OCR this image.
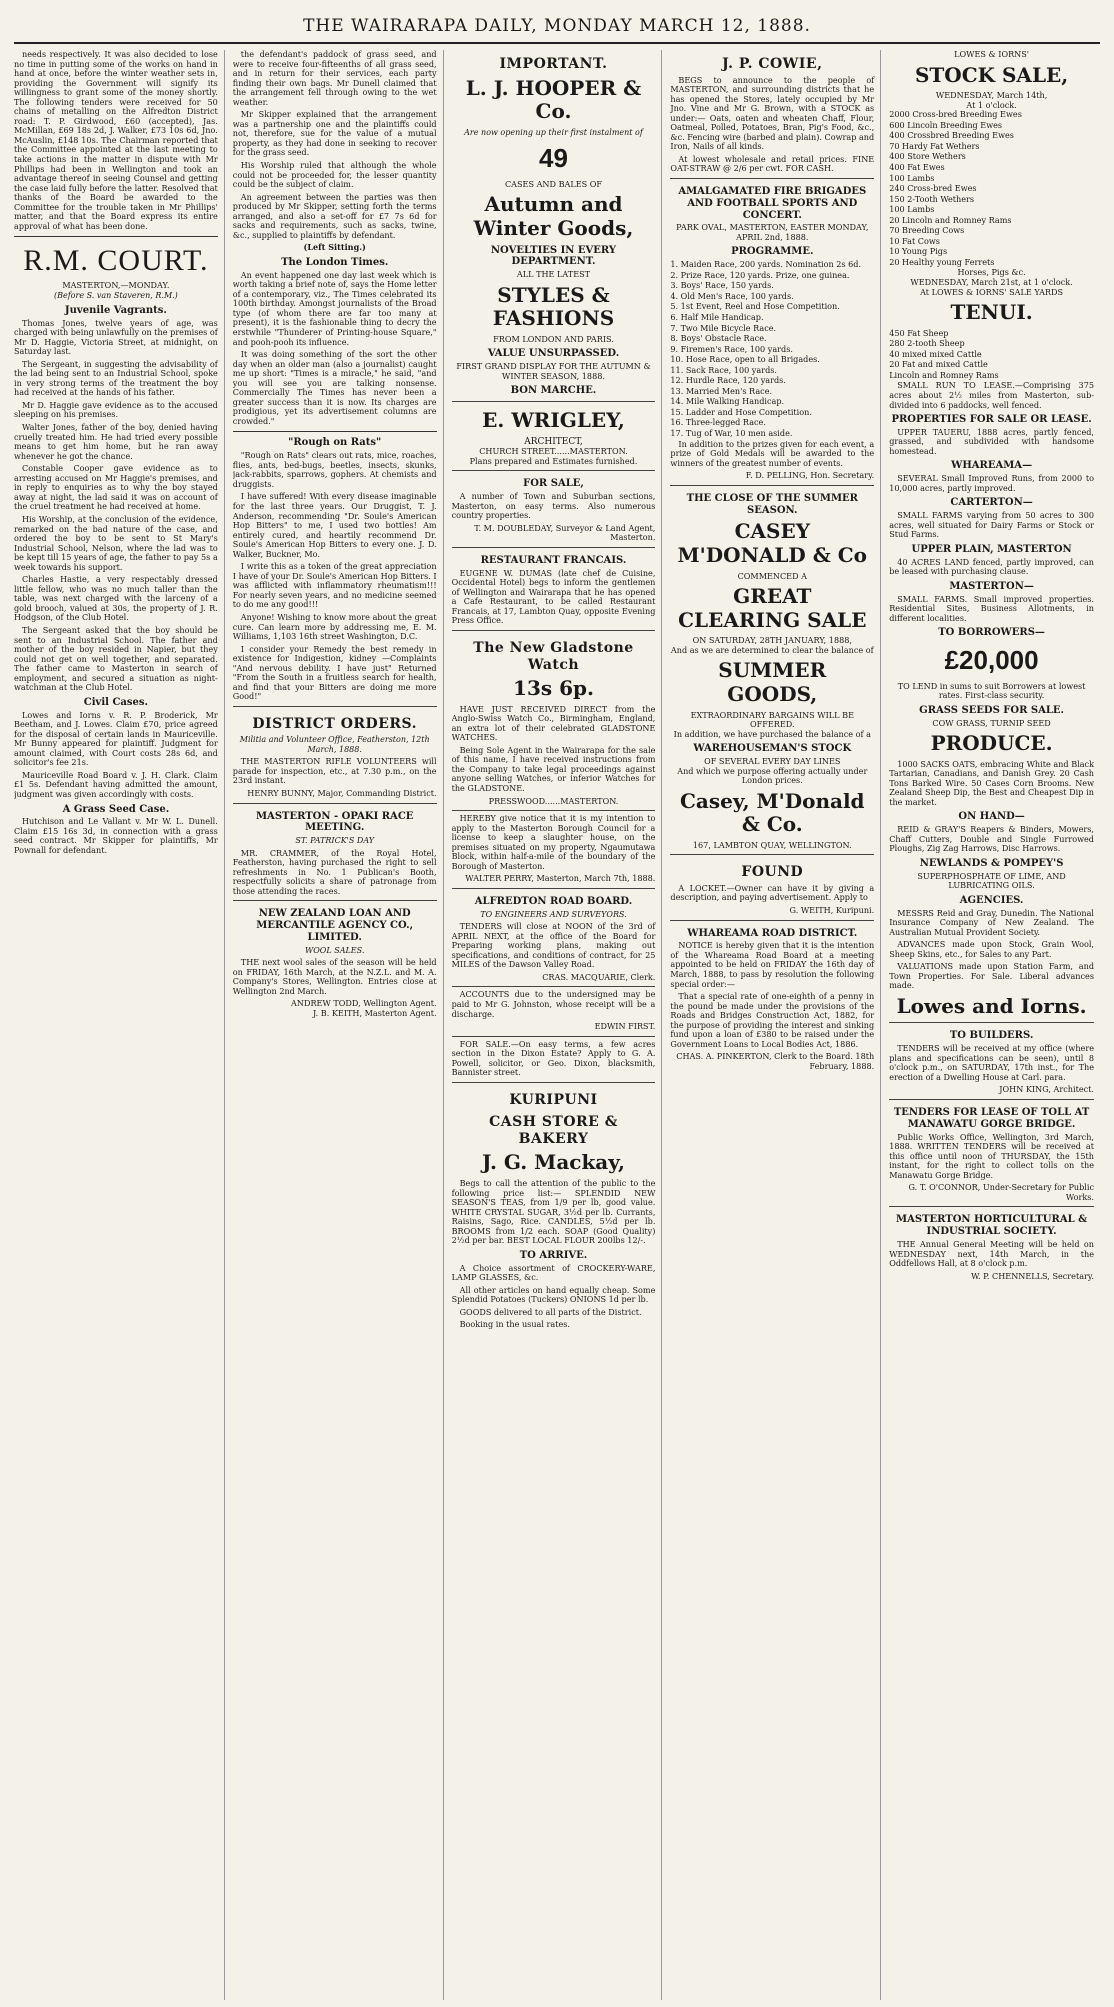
THE WAIRARAPA DAILY, MONDAY MARCH 12, 1888.

needs respectively. It was also decided to lose no time in putting some of the works on hand in hand at once, before the winter weather sets in, providing the Government will signify its willingness to grant some of the money shortly. The following tenders were received for 50 chains of metalling on the Alfredton District road: T. P. Girdwood, £60 (accepted), Jas. McMillan, £69 18s 2d, J. Walker, £73 10s 6d, Jno. McAuslin, £148 10s. The Chairman reported that the Committee appointed at the last meeting to take actions in the matter in dispute with Mr Phillips had been in Wellington and took an advantage thereof in seeing Counsel and getting the case laid fully before the latter. Resolved that thanks of the Board be awarded to the Committee for the trouble taken in Mr Phillips' matter, and that the Board express its entire approval of what has been done.

R.M. COURT.
MASTERTON,—MONDAY.
(Before S. van Staveren, R.M.)
Juvenile Vagrants.

Thomas Jones, twelve years of age, was charged with being unlawfully on the premises of Mr D. Haggie, Victoria Street, at midnight, on Saturday last.

The Sergeant, in suggesting the advisability of the lad being sent to an Industrial School, spoke in very strong terms of the treatment the boy had received at the hands of his father.

Mr D. Haggie gave evidence as to the accused sleeping on his premises.

Walter Jones, father of the boy, denied having cruelly treated him. He had tried every possible means to get him home, but he ran away whenever he got the chance.

Constable Cooper gave evidence as to arresting accused on Mr Haggie's premises, and in reply to enquiries as to why the boy stayed away at night, the lad said it was on account of the cruel treatment he had received at home.

His Worship, at the conclusion of the evidence, remarked on the bad nature of the case, and ordered the boy to be sent to St Mary's Industrial School, Nelson, where the lad was to be kept till 15 years of age, the father to pay 5s a week towards his support.

Charles Hastie, a very respectably dressed little fellow, who was no much taller than the table, was next charged with the larceny of a gold brooch, valued at 30s, the property of J. R. Hodgson, of the Club Hotel.

The Sergeant asked that the boy should be sent to an Industrial School. The father and mother of the boy resided in Napier, but they could not get on well together, and separated. The father came to Masterton in search of employment, and secured a situation as night-watchman at the Club Hotel.

Civil Cases.

Lowes and Iorns v. R. P. Broderick, Mr Beetham, and J. Lowes. Claim £70, price agreed for the disposal of certain lands in Mauriceville. Mr Bunny appeared for plaintiff. Judgment for amount claimed, with Court costs 28s 6d, and solicitor's fee 21s.

Mauriceville Road Board v. J. H. Clark. Claim £1 5s. Defendant having admitted the amount, judgment was given accordingly with costs.

A Grass Seed Case.

Hutchison and Le Vallant v. Mr W. L. Dunell. Claim £15 16s 3d, in connection with a grass seed contract. Mr Skipper for plaintiffs, Mr Pownall for defendant.

the defendant's paddock of grass seed, and were to receive four-fifteenths of all grass seed, and in return for their services, each party finding their own bags. Mr Dunell claimed that the arrangement fell through owing to the wet weather.

Mr Skipper explained that the arrangement was a partnership one and the plaintiffs could not, therefore, sue for the value of a mutual property, as they had done in seeking to recover for the grass seed.

His Worship ruled that although the whole could not be proceeded for, the lesser quantity could be the subject of claim.

An agreement between the parties was then produced by Mr Skipper, setting forth the terms arranged, and also a set-off for £7 7s 6d for sacks and requirements, such as sacks, twine, &c., supplied to plaintiffs by defendant.

(Left Sitting.)
The London Times.

An event happened one day last week which is worth taking a brief note of, says the Home letter of a contemporary, viz., The Times celebrated its 100th birthday. Amongst journalists of the Broad type (of whom there are far too many at present), it is the fashionable thing to decry the erstwhile "Thunderer of Printing-house Square," and pooh-pooh its influence.

It was doing something of the sort the other day when an older man (also a journalist) caught me up short: "Times is a miracle," he said, "and you will see you are talking nonsense. Commercially The Times has never been a greater success than it is now. Its charges are prodigious, yet its advertisement columns are crowded."

"Rough on Rats"

"Rough on Rats" clears out rats, mice, roaches, flies, ants, bed-bugs, beetles, insects, skunks, jack-rabbits, sparrows, gophers. At chemists and druggists.

I have suffered! With every disease imaginable for the last three years. Our Druggist, T. J. Anderson, recommending "Dr. Soule's American Hop Bitters" to me, I used two bottles! Am entirely cured, and heartily recommend Dr. Soule's American Hop Bitters to every one. J. D. Walker, Buckner, Mo.

I write this as a token of the great appreciation I have of your Dr. Soule's American Hop Bitters. I was afflicted with inflammatory rheumatism!!! For nearly seven years, and no medicine seemed to do me any good!!!

Anyone! Wishing to know more about the great cure. Can learn more by addressing me, E. M. Williams, 1,103 16th street Washington, D.C.

I consider your Remedy the best remedy in existence for Indigestion, kidney —Complaints "And nervous debility. I have just" Returned "From the South in a fruitless search for health, and find that your Bitters are doing me more Good!"

DISTRICT ORDERS.
Militia and Volunteer Office, Featherston, 12th March, 1888.

THE MASTERTON RIFLE VOLUNTEERS will parade for inspection, etc., at 7.30 p.m., on the 23rd instant.

HENRY BUNNY, Major, Commanding District.
MASTERTON - OPAKI RACE MEETING.
ST. PATRICK'S DAY

MR. CRAMMER, of the Royal Hotel, Featherston, having purchased the right to sell refreshments in No. 1 Publican's Booth, respectfully solicits a share of patronage from those attending the races.

NEW ZEALAND LOAN AND MERCANTILE AGENCY CO., LIMITED.
WOOL SALES.

THE next wool sales of the season will be held on FRIDAY, 16th March, at the N.Z.L. and M. A. Company's Stores, Wellington. Entries close at Wellington 2nd March.

ANDREW TODD, Wellington Agent.
J. B. KEITH, Masterton Agent.
IMPORTANT.
L. J. HOOPER & Co.
Are now opening up their first instalment of
49
CASES AND BALES OF
Autumn and Winter Goods,
NOVELTIES IN EVERY DEPARTMENT.
ALL THE LATEST
STYLES & FASHIONS
FROM LONDON AND PARIS.
VALUE UNSURPASSED.
FIRST GRAND DISPLAY FOR THE AUTUMN & WINTER SEASON, 1888.
BON MARCHE.
E. WRIGLEY,
ARCHITECT,
CHURCH STREET......MASTERTON.
Plans prepared and Estimates furnished.
FOR SALE,

A number of Town and Suburban sections, Masterton, on easy terms. Also numerous country properties.

T. M. DOUBLEDAY, Surveyor & Land Agent, Masterton.
RESTAURANT FRANCAIS.

EUGENE W. DUMAS (late chef de Cuisine, Occidental Hotel) begs to inform the gentlemen of Wellington and Wairarapa that he has opened a Cafe Restaurant, to be called Restaurant Francais, at 17, Lambton Quay, opposite Evening Press Office.

The New Gladstone Watch
13s 6p.

HAVE JUST RECEIVED DIRECT from the Anglo-Swiss Watch Co., Birmingham, England, an extra lot of their celebrated GLADSTONE WATCHES.

Being Sole Agent in the Wairarapa for the sale of this name, I have received instructions from the Company to take legal proceedings against anyone selling Watches, or inferior Watches for the GLADSTONE.

PRESSWOOD......MASTERTON.

HEREBY give notice that it is my intention to apply to the Masterton Borough Council for a license to keep a slaughter house, on the premises situated on my property, Ngaumutawa Block, within half-a-mile of the boundary of the Borough of Masterton.

WALTER PERRY, Masterton, March 7th, 1888.
ALFREDTON ROAD BOARD.
TO ENGINEERS AND SURVEYORS.

TENDERS will close at NOON of the 3rd of APRIL NEXT, at the office of the Board for Preparing working plans, making out specifications, and conditions of contract, for 25 MILES of the Dawson Valley Road.

CRAS. MACQUARIE, Clerk.

ACCOUNTS due to the undersigned may be paid to Mr G. Johnston, whose receipt will be a discharge.

EDWIN FIRST.

FOR SALE.—On easy terms, a few acres section in the Dixon Estate? Apply to G. A. Powell, solicitor, or Geo. Dixon, blacksmith, Bannister street.

KURIPUNI
CASH STORE & BAKERY
J. G. Mackay,

Begs to call the attention of the public to the following price list:— SPLENDID NEW SEASON'S TEAS, from 1/9 per lb, good value. WHITE CRYSTAL SUGAR, 3½d per lb. Currants, Raisins, Sago, Rice. CANDLES, 5½d per lb. BROOMS from 1/2 each. SOAP (Good Quality) 2½d per bar. BEST LOCAL FLOUR 200lbs 12/-.

TO ARRIVE.

A Choice assortment of CROCKERY-WARE, LAMP GLASSES, &c.

All other articles on hand equally cheap. Some Splendid Potatoes (Tuckers) ONIONS 1d per lb.

GOODS delivered to all parts of the District.

Booking in the usual rates.

J. P. COWIE,

BEGS to announce to the people of MASTERTON, and surrounding districts that he has opened the Stores, lately occupied by Mr Jno. Vine and Mr G. Brown, with a STOCK as under:— Oats, oaten and wheaten Chaff, Flour, Oatmeal, Polled, Potatoes, Bran, Pig's Food, &c., &c. Fencing wire (barbed and plain). Cowrap and Iron, Nails of all kinds.

At lowest wholesale and retail prices. FINE OAT-STRAW @ 2/6 per cwt. FOR CASH.

AMALGAMATED FIRE BRIGADES AND FOOTBALL SPORTS AND CONCERT.
PARK OVAL, MASTERTON, EASTER MONDAY, APRIL 2nd, 1888.
PROGRAMME.
1. Maiden Race, 200 yards. Nomination 2s 6d.
2. Prize Race, 120 yards. Prize, one guinea.
3. Boys' Race, 150 yards.
4. Old Men's Race, 100 yards.
5. 1st Event, Reel and Hose Competition.
6. Half Mile Handicap.
7. Two Mile Bicycle Race.
8. Boys' Obstacle Race.
9. Firemen's Race, 100 yards.
10. Hose Race, open to all Brigades.
11. Sack Race, 100 yards.
12. Hurdle Race, 120 yards.
13. Married Men's Race.
14. Mile Walking Handicap.
15. Ladder and Hose Competition.
16. Three-legged Race.
17. Tug of War, 10 men aside.

In addition to the prizes given for each event, a prize of Gold Medals will be awarded to the winners of the greatest number of events.

F. D. PELLING, Hon. Secretary.
THE CLOSE OF THE SUMMER SEASON.
CASEY M'DONALD & Co
COMMENCED A
GREAT CLEARING SALE
ON SATURDAY, 28TH JANUARY, 1888,
And as we are determined to clear the balance of
SUMMER GOODS,
EXTRAORDINARY BARGAINS WILL BE OFFERED.
In addition, we have purchased the balance of a
WAREHOUSEMAN'S STOCK
OF SEVERAL EVERY DAY LINES
And which we purpose offering actually under London prices.
Casey, M'Donald & Co.
167, LAMBTON QUAY, WELLINGTON.
FOUND

A LOCKET.—Owner can have it by giving a description, and paying advertisement. Apply to

G. WEITH, Kuripuni.
WHAREAMA ROAD DISTRICT.

NOTICE is hereby given that it is the intention of the Whareama Road Board at a meeting appointed to be held on FRIDAY the 16th day of March, 1888, to pass by resolution the following special order:—

That a special rate of one-eighth of a penny in the pound be made under the provisions of the Roads and Bridges Construction Act, 1882, for the purpose of providing the interest and sinking fund upon a loan of £380 to be raised under the Government Loans to Local Bodies Act, 1886.

CHAS. A. PINKERTON, Clerk to the Board. 18th February, 1888.
LOWES & IORNS'
STOCK SALE,
WEDNESDAY, March 14th,
At 1 o'clock.
2000 Cross-bred Breeding Ewes
600 Lincoln Breeding Ewes
400 Crossbred Breeding Ewes
70 Hardy Fat Wethers
400 Store Wethers
400 Fat Ewes
100 Lambs
240 Cross-bred Ewes
150 2-Tooth Wethers
100 Lambs
20 Lincoln and Romney Rams
70 Breeding Cows
10 Fat Cows
10 Young Pigs
20 Healthy young Ferrets
Horses, Pigs &c.
WEDNESDAY, March 21st, at 1 o'clock.
At LOWES & IORNS' SALE YARDS
TENUI.
450 Fat Sheep
280 2-tooth Sheep
40 mixed mixed Cattle
20 Fat and mixed Cattle
Lincoln and Romney Rams

SMALL RUN TO LEASE.—Comprising 375 acres about 2½ miles from Masterton, sub-divided into 6 paddocks, well fenced.

PROPERTIES FOR SALE OR LEASE.

UPPER TAUERU, 1888 acres, partly fenced, grassed, and subdivided with handsome homestead.

WHAREAMA—

SEVERAL Small Improved Runs, from 2000 to 10,000 acres, partly improved.

CARTERTON—

SMALL FARMS varying from 50 acres to 300 acres, well situated for Dairy Farms or Stock or Stud Farms.

UPPER PLAIN, MASTERTON

40 ACRES LAND fenced, partly improved, can be leased with purchasing clause.

MASTERTON—

SMALL FARMS. Small improved properties. Residential Sites, Business Allotments, in different localities.

TO BORROWERS—
£20,000
TO LEND in sums to suit Borrowers at lowest rates. First-class security.
GRASS SEEDS FOR SALE.
COW GRASS, TURNIP SEED
PRODUCE.

1000 SACKS OATS, embracing White and Black Tartarian, Canadians, and Danish Grey. 20 Cash Tons Barked Wire. 50 Cases Corn Brooms. New Zealand Sheep Dip, the Best and Cheapest Dip in the market.

ON HAND—

REID & GRAY'S Reapers & Binders, Mowers, Chaff Cutters, Double and Single Furrowed Ploughs, Zig Zag Harrows, Disc Harrows.

NEWLANDS & POMPEY'S
SUPERPHOSPHATE OF LIME, AND LUBRICATING OILS.
AGENCIES.

MESSRS Reid and Gray, Dunedin. The National Insurance Company of New Zealand. The Australian Mutual Provident Society.

ADVANCES made upon Stock, Grain Wool, Sheep Skins, etc., for Sales to any Part.

VALUATIONS made upon Station Farm, and Town Properties. For Sale. Liberal advances made.

Lowes and Iorns.
TO BUILDERS.

TENDERS will be received at my office (where plans and specifications can be seen), until 8 o'clock p.m., on SATURDAY, 17th inst., for The erection of a Dwelling House at Carl. para.

JOHN KING, Architect.
TENDERS FOR LEASE OF TOLL AT MANAWATU GORGE BRIDGE.

Public Works Office, Wellington, 3rd March, 1888. WRITTEN TENDERS will be received at this office until noon of THURSDAY, the 15th instant, for the right to collect tolls on the Manawatu Gorge Bridge.

G. T. O'CONNOR, Under-Secretary for Public Works.
MASTERTON HORTICULTURAL & INDUSTRIAL SOCIETY.

THE Annual General Meeting will be held on WEDNESDAY next, 14th March, in the Oddfellows Hall, at 8 o'clock p.m.

W. P. CHENNELLS, Secretary.
